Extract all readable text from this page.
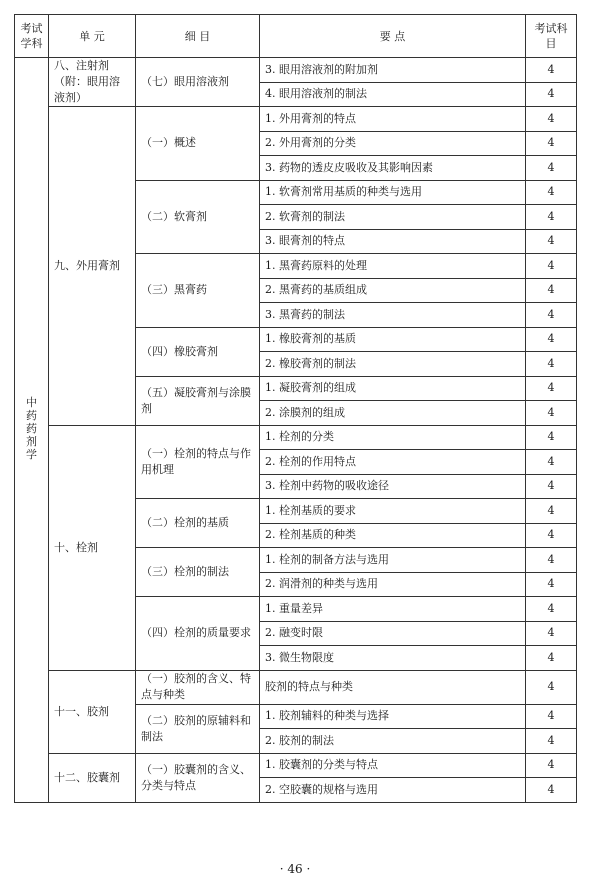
考试学科	单 元	细 目	要 点	考试科目
中药药剂学	八、注射剂（附：眼用溶液剂）	（七）眼用溶液剂	3. 眼用溶液剂的附加剂	4
			4. 眼用溶液剂的制法	4
	九、外用膏剂	（一）概述	1. 外用膏剂的特点	4
			2. 外用膏剂的分类	4
			3. 药物的透皮皮吸收及其影响因素	4
		（二）软膏剂	1. 软膏剂常用基质的种类与选用	4
			2. 软膏剂的制法	4
			3. 眼膏剂的特点	4
		（三）黑膏药	1. 黑膏药原料的处理	4
			2. 黑膏药的基质组成	4
			3. 黑膏药的制法	4
		（四）橡胶膏剂	1. 橡胶膏剂的基质	4
			2. 橡胶膏剂的制法	4
		（五）凝胶膏剂与涂膜剂	1. 凝胶膏剂的组成	4
			2. 涂膜剂的组成	4
	十、栓剂	（一）栓剂的特点与作用机理	1. 栓剂的分类	4
			2. 栓剂的作用特点	4
			3. 栓剂中药物的吸收途径	4
		（二）栓剂的基质	1. 栓剂基质的要求	4
			2. 栓剂基质的种类	4
		（三）栓剂的制法	1. 栓剂的制备方法与选用	4
			2. 润滑剂的种类与选用	4
		（四）栓剂的质量要求	1. 重量差异	4
			2. 融变时限	4
			3. 微生物限度	4
	十一、胶剂	（一）胶剂的含义、特点与种类	胶剂的特点与种类	4
		（二）胶剂的原辅料和制法	1. 胶剂辅料的种类与选择	4
			2. 胶剂的制法	4
	十二、胶囊剂	（一）胶囊剂的含义、分类与特点	1. 胶囊剂的分类与特点	4
			2. 空胶囊的规格与选用	4
· 46 ·
